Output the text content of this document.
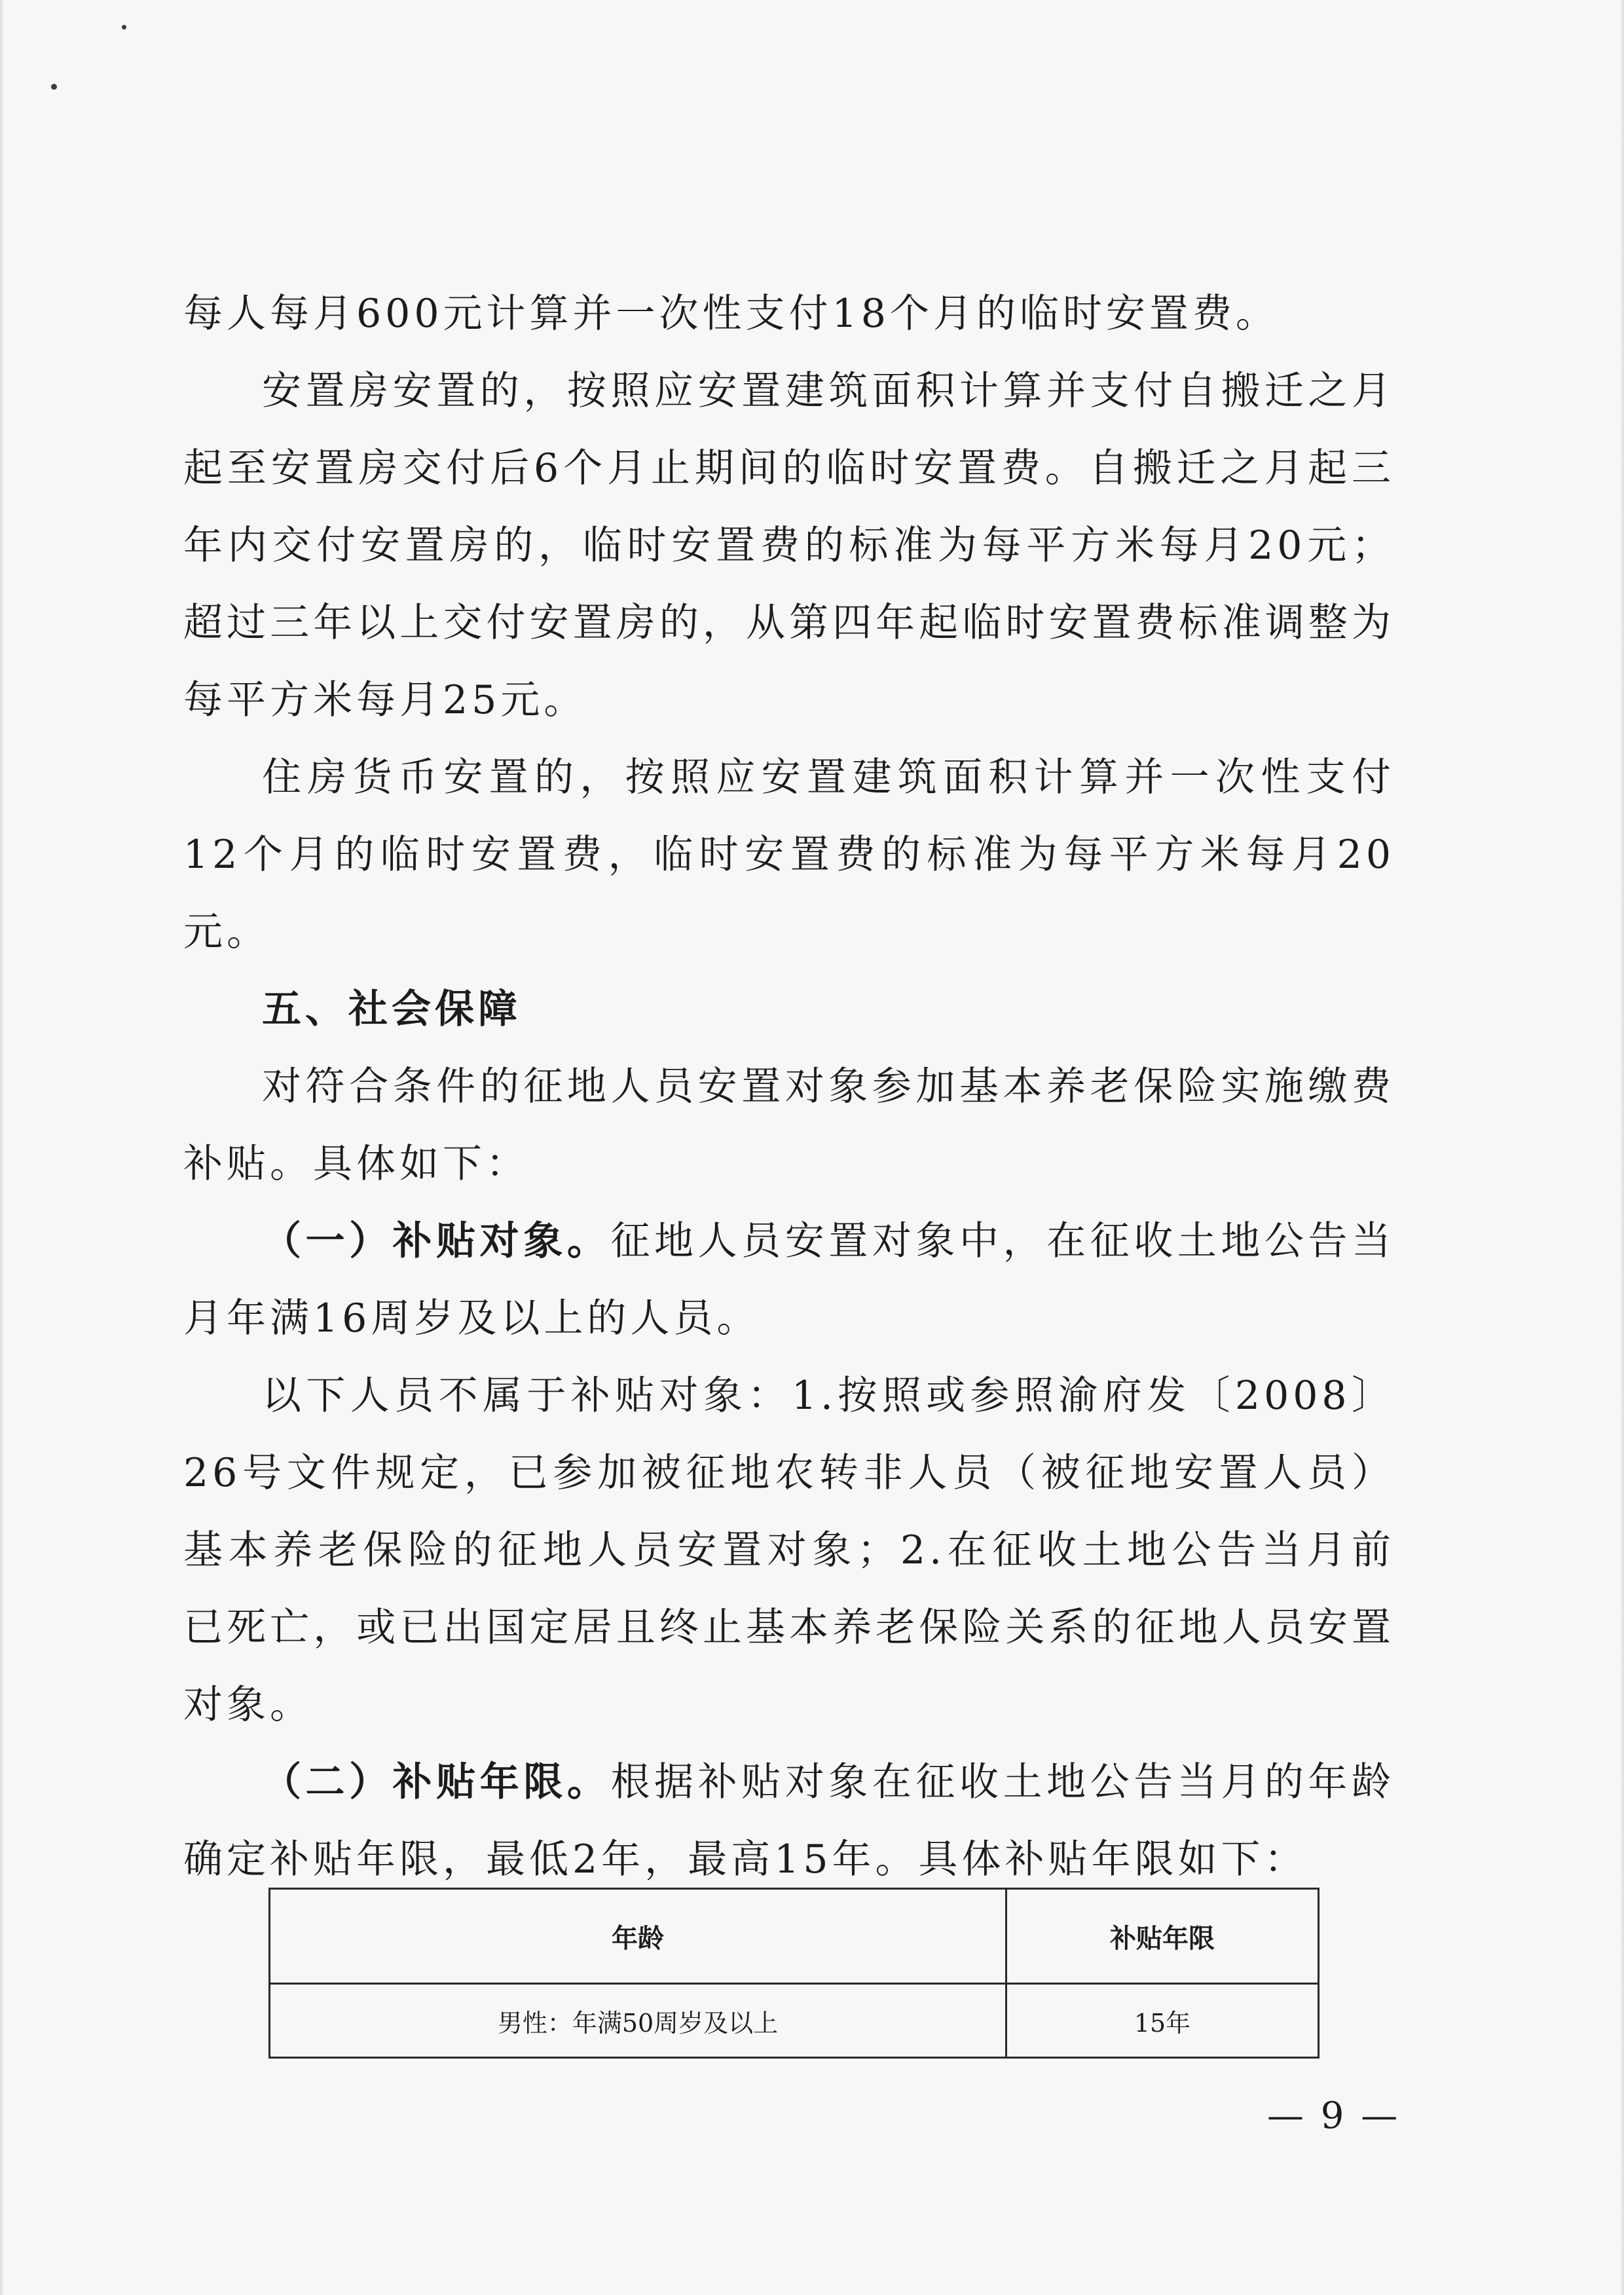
每人每月600元计算并一次性支付18个月的临时安置费。

安置房安置的，按照应安置建筑面积计算并支付自搬迁之月起至安置房交付后6个月止期间的临时安置费。自搬迁之月起三年内交付安置房的，临时安置费的标准为每平方米每月20元；超过三年以上交付安置房的，从第四年起临时安置费标准调整为每平方米每月25元。

住房货币安置的，按照应安置建筑面积计算并一次性支付12个月的临时安置费，临时安置费的标准为每平方米每月20元。

五、社会保障

对符合条件的征地人员安置对象参加基本养老保险实施缴费补贴。具体如下：

（一）补贴对象。征地人员安置对象中，在征收土地公告当月年满16周岁及以上的人员。

以下人员不属于补贴对象：1.按照或参照渝府发〔2008〕26号文件规定，已参加被征地农转非人员（被征地安置人员）基本养老保险的征地人员安置对象；2.在征收土地公告当月前已死亡，或已出国定居且终止基本养老保险关系的征地人员安置对象。

（二）补贴年限。根据补贴对象在征收土地公告当月的年龄确定补贴年限，最低2年，最高15年。具体补贴年限如下：

年龄	补贴年限
男性：年满50周岁及以上	15年
— 9 —
